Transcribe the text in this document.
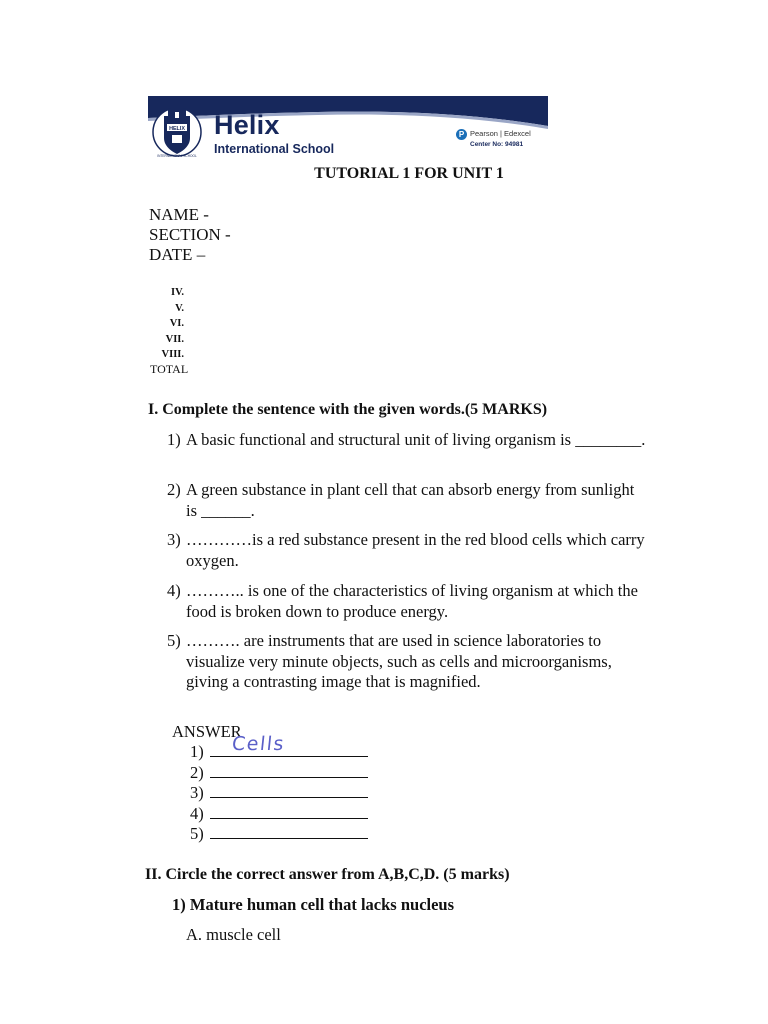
HELIX
INTERNATIONAL SCHOOL
Helix
International School
P Pearson | Edexcel
Center No: 94981
TUTORIAL 1 FOR UNIT 1
NAME -
SECTION -
DATE –
IV.
V.
VI.
VII.
VIII.
TOTAL
I. Complete the sentence with the given words.(5 MARKS)
1) A basic functional and structural unit of living organism is ________.
2) A green substance in plant cell that can absorb energy from sunlight is ______.
3) …………is a red substance present in the red blood cells which carry oxygen.
4) ……….. is one of the characteristics of living organism at which the food is broken down to produce energy.
5) ………. are instruments that are used in science laboratories to visualize very minute objects, such as cells and microorganisms, giving a contrasting image that is magnified.
ANSWER
1) Cells
2)
3)
4)
5)
II. Circle the correct answer from A,B,C,D. (5 marks)
1) Mature human cell that lacks nucleus
A. muscle cell
